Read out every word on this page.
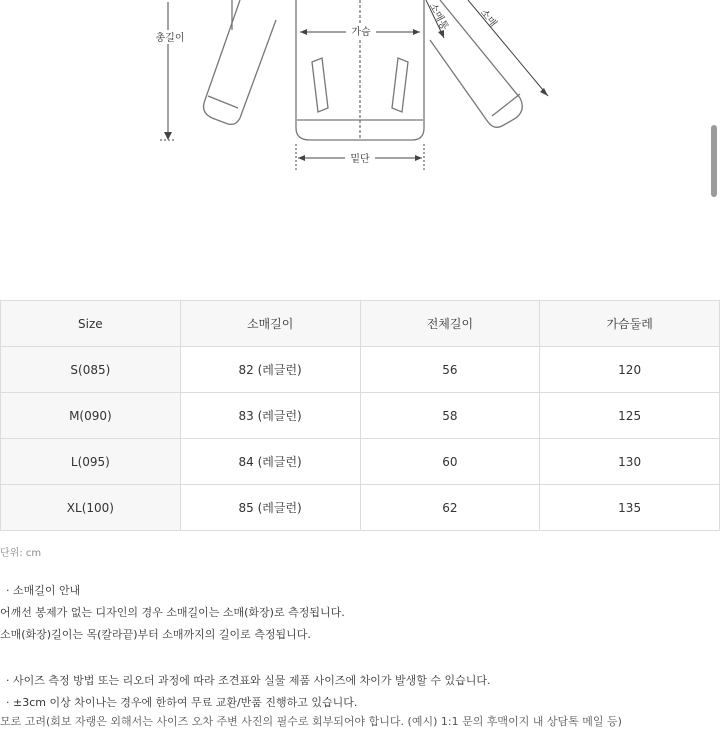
총길이
가슴
소매통	소매
밑단
Size	소매길이	전체길이	가슴둘레
S(085)	82 (레글런)	56	120
M(090)	83 (레글런)	58	125
L(095)	84 (레글런)	60	130
XL(100)	85 (레글런)	62	135
단위: cm
· 소매길이 안내
어깨선 봉제가 없는 디자인의 경우 소매길이는 소매(화장)로 측정됩니다.
소매(화장)길이는 목(칼라끝)부터 소매까지의 길이로 측정됩니다.
· 사이즈 측정 방법 또는 리오더 과정에 따라 조견표와 실물 제품 사이즈에 차이가 발생할 수 있습니다.
· ±3cm 이상 차이나는 경우에 한하여 무료 교환/반품 진행하고 있습니다.
모로 고려(회보 자랭은 외해서는 사이즈 오차 주변 사진의 필수로 회부되어야 합니다. (예시) 1:1 문의 후맥이지 내 상담톡 메일 등)
